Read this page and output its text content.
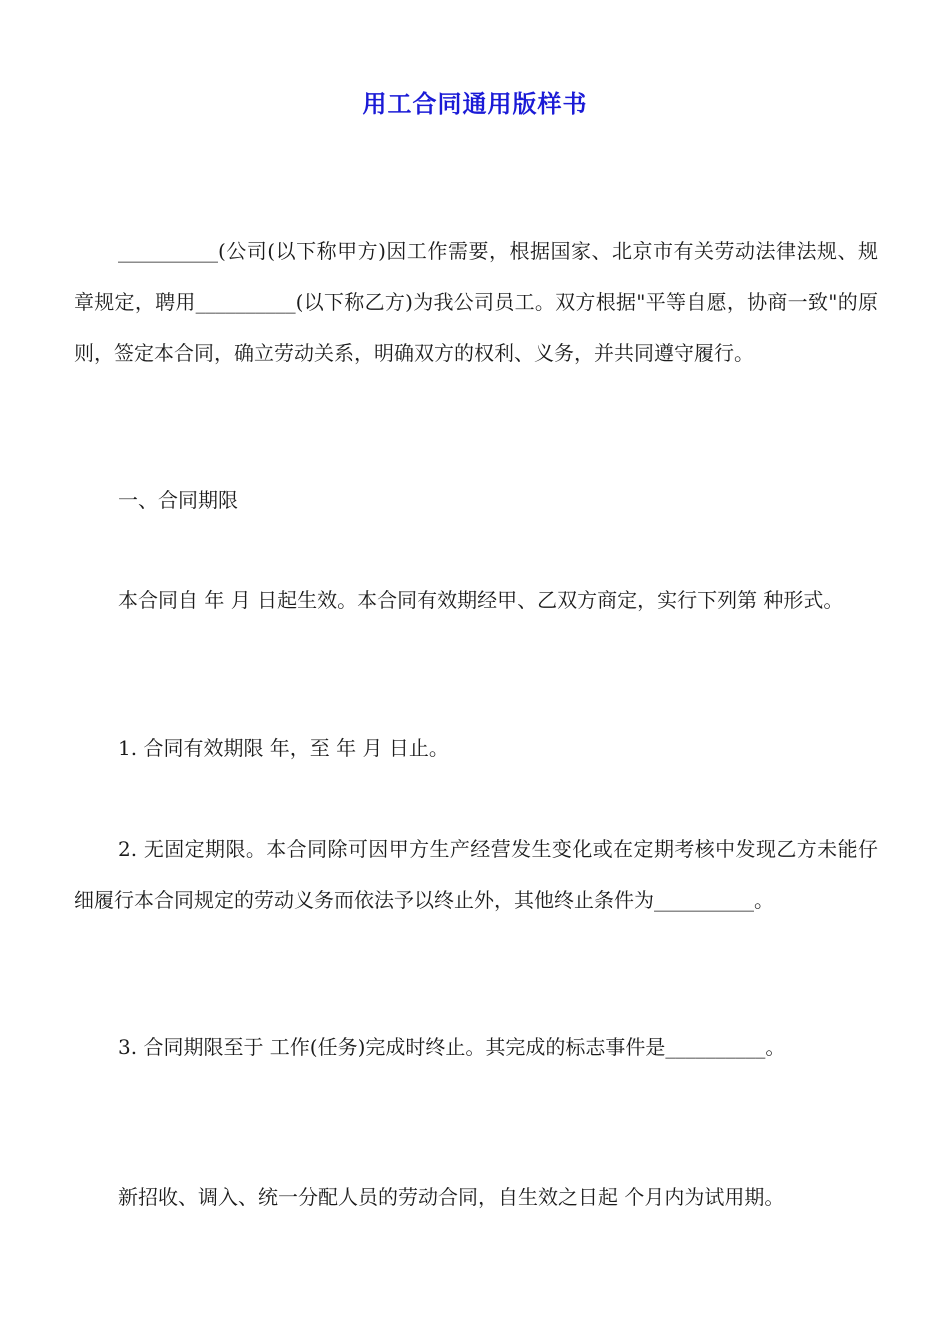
用工合同通用版样书

__________(公司(以下称甲方)因工作需要，根据国家、北京市有关劳动法律法规、规章规定，聘用__________(以下称乙方)为我公司员工。双方根据"平等自愿，协商一致"的原则，签定本合同，确立劳动关系，明确双方的权利、义务，并共同遵守履行。

一、合同期限

本合同自 年 月 日起生效。本合同有效期经甲、乙双方商定，实行下列第 种形式。

1. 合同有效期限 年，至 年 月 日止。

2. 无固定期限。本合同除可因甲方生产经营发生变化或在定期考核中发现乙方未能仔细履行本合同规定的劳动义务而依法予以终止外，其他终止条件为__________。

3. 合同期限至于 工作(任务)完成时终止。其完成的标志事件是__________。

新招收、调入、统一分配人员的劳动合同，自生效之日起 个月内为试用期。
